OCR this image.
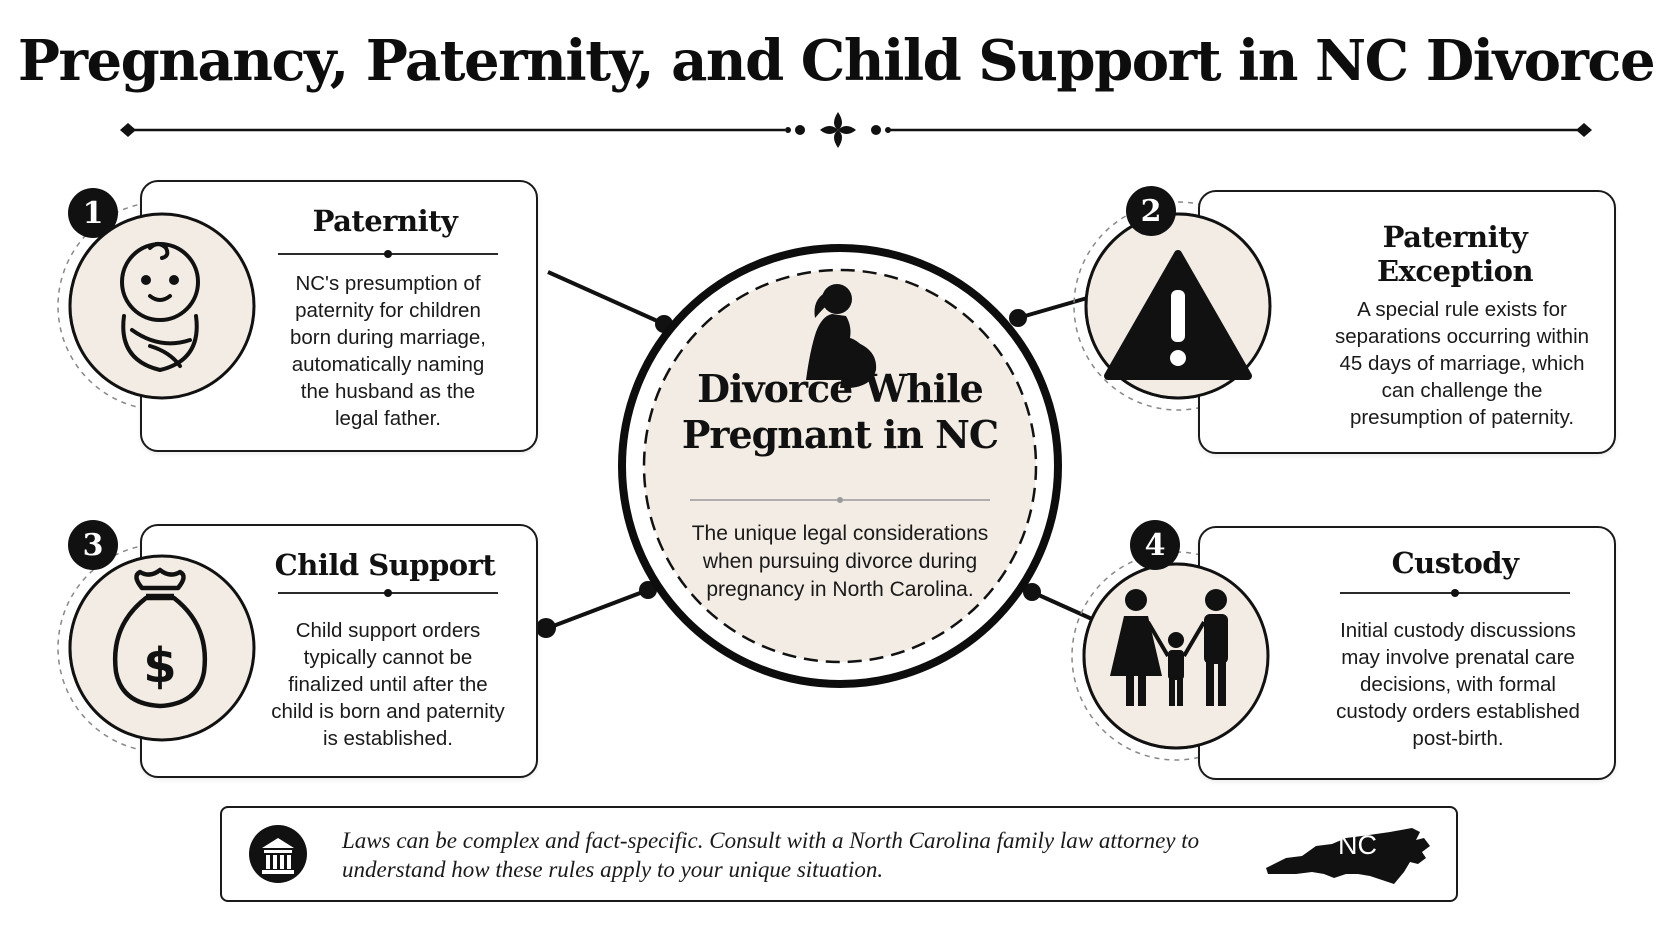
Pregnancy, Paternity, and Child Support in NC Divorce
$
1	2
3	4
Paternity
NC's presumption of paternity for children born during marriage, automatically naming the husband as the legal father.
Paternity Exception
A special rule exists for separations occurring within 45 days of marriage, which can challenge the presumption of paternity.
Child Support
Child support orders typically cannot be finalized until after the child is born and paternity is established.
Custody
Initial custody discussions may involve prenatal care decisions, with formal custody orders established post-birth.
Divorce While
Pregnant in NC
The unique legal considerations when pursuing divorce during pregnancy in North Carolina.
Laws can be complex and fact-specific. Consult with a North Carolina family law attorney to understand how these rules apply to your unique situation.
NC
